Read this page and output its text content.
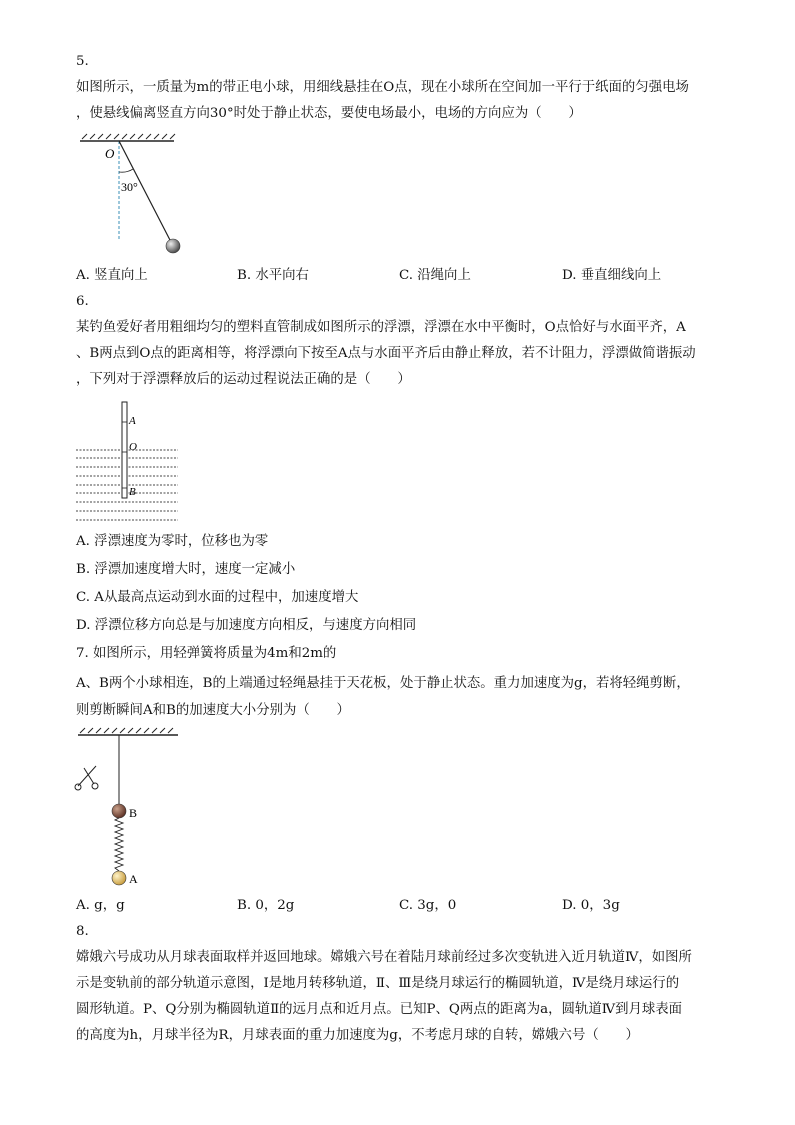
5.
如图所示，一质量为m的带正电小球，用细线悬挂在O点，现在小球所在空间加一平行于纸面的匀强电场
，使悬线偏离竖直方向30°时处于静止状态，要使电场最小，电场的方向应为（　　）
O
30°
A. 竖直向上	B. 水平向右	C. 沿绳向上	D. 垂直细线向上
6.
某钓鱼爱好者用粗细均匀的塑料直管制成如图所示的浮漂，浮漂在水中平衡时，O点恰好与水面平齐，A
、B两点到O点的距离相等，将浮漂向下按至A点与水面平齐后由静止释放，若不计阻力，浮漂做简谐振动
，下列对于浮漂释放后的运动过程说法正确的是（　　）
A
O
B
A. 浮漂速度为零时，位移也为零
B. 浮漂加速度增大时，速度一定减小
C. A从最高点运动到水面的过程中，加速度增大
D. 浮漂位移方向总是与加速度方向相反，与速度方向相同
7. 如图所示，用轻弹簧将质量为4m和2m的
A、B两个小球相连，B的上端通过轻绳悬挂于天花板，处于静止状态。重力加速度为g，若将轻绳剪断，
则剪断瞬间A和B的加速度大小分别为（　　）
B
A
A. g，g	B. 0，2g	C. 3g，0	D. 0，3g
8.
嫦娥六号成功从月球表面取样并返回地球。嫦娥六号在着陆月球前经过多次变轨进入近月轨道Ⅳ，如图所
示是变轨前的部分轨道示意图，Ⅰ是地月转移轨道，Ⅱ、Ⅲ是绕月球运行的椭圆轨道，Ⅳ是绕月球运行的
圆形轨道。P、Q分别为椭圆轨道Ⅱ的远月点和近月点。已知P、Q两点的距离为a，圆轨道Ⅳ到月球表面
的高度为h，月球半径为R，月球表面的重力加速度为g，不考虑月球的自转，嫦娥六号（　　）
